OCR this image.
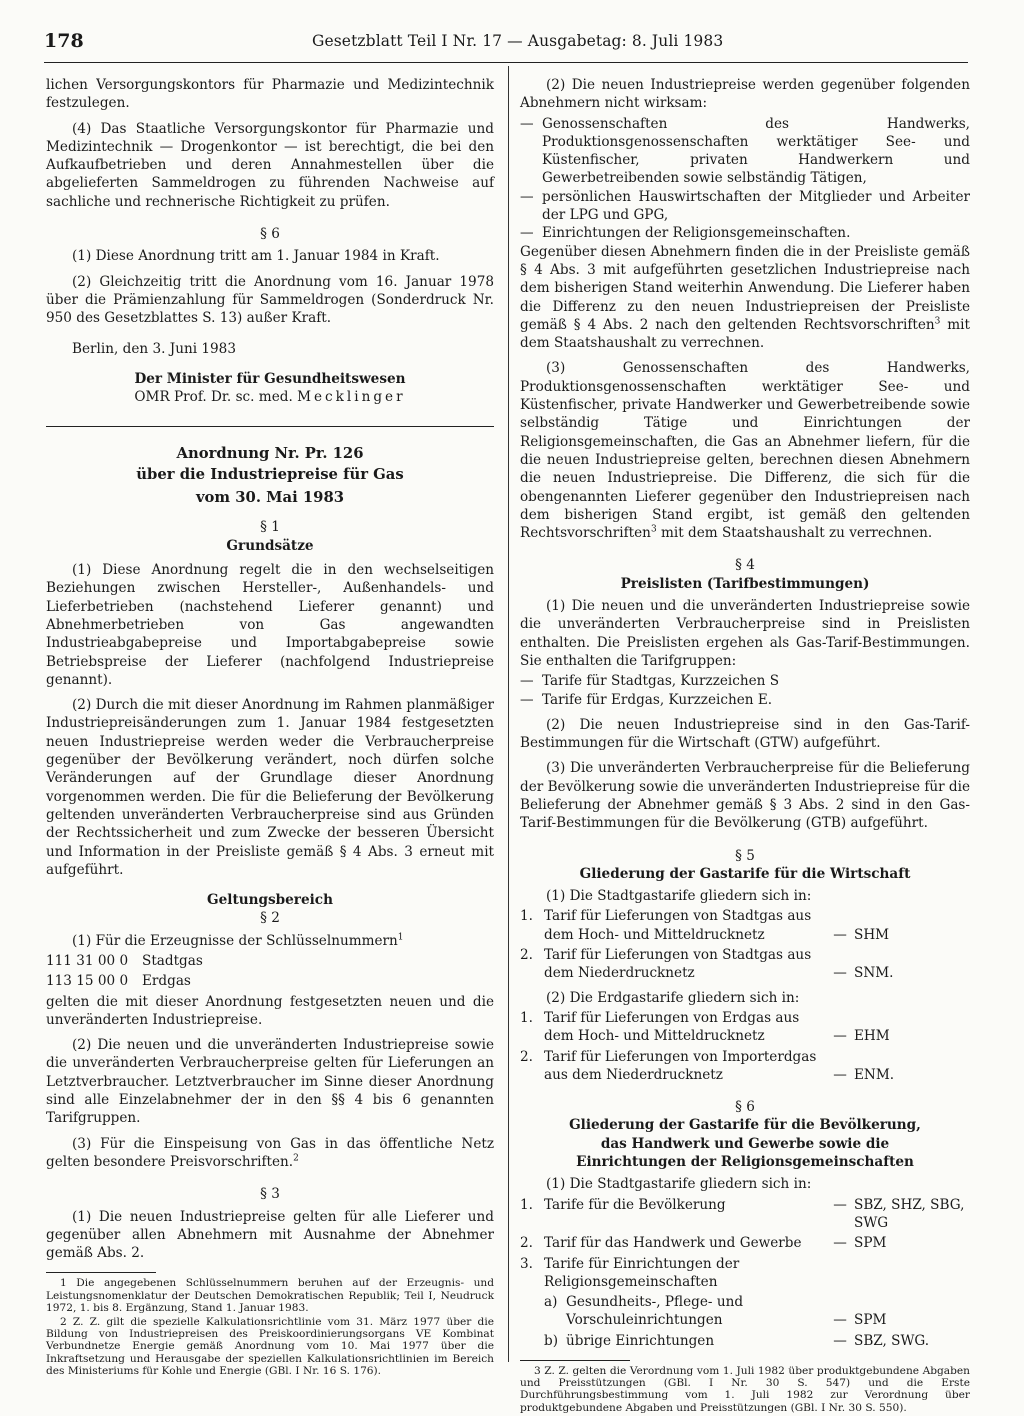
178	Gesetzblatt Teil I Nr. 17 — Ausgabetag: 8. Juli 1983

lichen Versorgungskontors für Pharmazie und Medizintechnik festzulegen.

(4) Das Staatliche Versorgungskontor für Pharmazie und Medizintechnik — Drogenkontor — ist berechtigt, die bei den Aufkaufbetrieben und deren Annahmestellen über die abgelieferten Sammeldrogen zu führenden Nachweise auf sachliche und rechnerische Richtigkeit zu prüfen.

§ 6

(1) Diese Anordnung tritt am 1. Januar 1984 in Kraft.

(2) Gleichzeitig tritt die Anordnung vom 16. Januar 1978 über die Prämienzahlung für Sammeldrogen (Sonderdruck Nr. 950 des Gesetzblattes S. 13) außer Kraft.

Berlin, den 3. Juni 1983

Der Minister für Gesundheitswesen
OMR Prof. Dr. sc. med. Mecklinger
Anordnung Nr. Pr. 126
über die Industriepreise für Gas
vom 30. Mai 1983
§ 1
Grundsätze

(1) Diese Anordnung regelt die in den wechselseitigen Beziehungen zwischen Hersteller-, Außenhandels- und Lieferbetrieben (nachstehend Lieferer genannt) und Abnehmerbetrieben von Gas angewandten Industrieabgabepreise und Importabgabepreise sowie Betriebspreise der Lieferer (nachfolgend Industriepreise genannt).

(2) Durch die mit dieser Anordnung im Rahmen planmäßiger Industriepreisänderungen zum 1. Januar 1984 festgesetzten neuen Industriepreise werden weder die Verbraucherpreise gegenüber der Bevölkerung verändert, noch dürfen solche Veränderungen auf der Grundlage dieser Anordnung vorgenommen werden. Die für die Belieferung der Bevölkerung geltenden unveränderten Verbraucherpreise sind aus Gründen der Rechtssicherheit und zum Zwecke der besseren Übersicht und Information in der Preisliste gemäß § 4 Abs. 3 erneut mit aufgeführt.

Geltungsbereich
§ 2

(1) Für die Erzeugnisse der Schlüsselnummern$^1$

111 31 00 0	Stadtgas
113 15 00 0	Erdgas

gelten die mit dieser Anordnung festgesetzten neuen und die unveränderten Industriepreise.

(2) Die neuen und die unveränderten Industriepreise sowie die unveränderten Verbraucherpreise gelten für Lieferungen an Letztverbraucher. Letztverbraucher im Sinne dieser Anordnung sind alle Einzelabnehmer der in den §§ 4 bis 6 genannten Tarifgruppen.

(3) Für die Einspeisung von Gas in das öffentliche Netz gelten besondere Preisvorschriften.$^2$

§ 3

(1) Die neuen Industriepreise gelten für alle Lieferer und gegenüber allen Abnehmern mit Ausnahme der Abnehmer gemäß Abs. 2.

1 Die angegebenen Schlüsselnummern beruhen auf der Erzeugnis- und Leistungsnomenklatur der Deutschen Demokratischen Republik; Teil I, Neudruck 1972, 1. bis 8. Ergänzung, Stand 1. Januar 1983.

2 Z. Z. gilt die spezielle Kalkulationsrichtlinie vom 31. März 1977 über die Bildung von Industriepreisen des Preiskoordinierungsorgans VE Kombinat Verbundnetze Energie gemäß Anordnung vom 10. Mai 1977 über die Inkraftsetzung und Herausgabe der speziellen Kalkulationsrichtlinien im Bereich des Ministeriums für Kohle und Energie (GBl. I Nr. 16 S. 176).

(2) Die neuen Industriepreise werden gegenüber folgenden Abnehmern nicht wirksam:

— Genossenschaften des Handwerks, Produktionsgenossenschaften werktätiger See- und Küstenfischer, privaten Handwerkern und Gewerbetreibenden sowie selbständig Tätigen,
— persönlichen Hauswirtschaften der Mitglieder und Arbeiter der LPG und GPG,
— Einrichtungen der Religionsgemeinschaften.

Gegenüber diesen Abnehmern finden die in der Preisliste gemäß § 4 Abs. 3 mit aufgeführten gesetzlichen Industriepreise nach dem bisherigen Stand weiterhin Anwendung. Die Lieferer haben die Differenz zu den neuen Industriepreisen der Preisliste gemäß § 4 Abs. 2 nach den geltenden Rechtsvorschriften$^3$ mit dem Staatshaushalt zu verrechnen.

(3) Genossenschaften des Handwerks, Produktionsgenossenschaften werktätiger See- und Küstenfischer, private Handwerker und Gewerbetreibende sowie selbständig Tätige und Einrichtungen der Religionsgemeinschaften, die Gas an Abnehmer liefern, für die die neuen Industriepreise gelten, berechnen diesen Abnehmern die neuen Industriepreise. Die Differenz, die sich für die obengenannten Lieferer gegenüber den Industriepreisen nach dem bisherigen Stand ergibt, ist gemäß den geltenden Rechtsvorschriften$^3$ mit dem Staatshaushalt zu verrechnen.

§ 4
Preislisten (Tarifbestimmungen)

(1) Die neuen und die unveränderten Industriepreise sowie die unveränderten Verbraucherpreise sind in Preislisten enthalten. Die Preislisten ergehen als Gas-Tarif-Bestimmungen. Sie enthalten die Tarifgruppen:

— Tarife für Stadtgas, Kurzzeichen S
— Tarife für Erdgas, Kurzzeichen E.

(2) Die neuen Industriepreise sind in den Gas-Tarif-Bestimmungen für die Wirtschaft (GTW) aufgeführt.

(3) Die unveränderten Verbraucherpreise für die Belieferung der Bevölkerung sowie die unveränderten Industriepreise für die Belieferung der Abnehmer gemäß § 3 Abs. 2 sind in den Gas-Tarif-Bestimmungen für die Bevölkerung (GTB) aufgeführt.

§ 5
Gliederung der Gastarife für die Wirtschaft

(1) Die Stadtgastarife gliedern sich in:

1. Tarif für Lieferungen von Stadtgas aus dem Hoch- und Mitteldrucknetz	— SHM
2. Tarif für Lieferungen von Stadtgas aus dem Niederdrucknetz	— SNM.

(2) Die Erdgastarife gliedern sich in:

1. Tarif für Lieferungen von Erdgas aus dem Hoch- und Mitteldrucknetz	— EHM
2. Tarif für Lieferungen von Importerdgas aus dem Niederdrucknetz	— ENM.
§ 6
Gliederung der Gastarife für die Bevölkerung,
das Handwerk und Gewerbe sowie die
Einrichtungen der Religionsgemeinschaften

(1) Die Stadtgastarife gliedern sich in:

1. Tarife für die Bevölkerung	— SBZ, SHZ, SBG, SWG
2. Tarif für das Handwerk und Gewerbe	— SPM
3. Tarife für Einrichtungen der Religionsgemeinschaften
a) Gesundheits-, Pflege- und Vorschuleinrichtungen	— SPM
b) übrige Einrichtungen	— SBZ, SWG.

3 Z. Z. gelten die Verordnung vom 1. Juli 1982 über produktgebundene Abgaben und Preisstützungen (GBl. I Nr. 30 S. 547) und die Erste Durchführungsbestimmung vom 1. Juli 1982 zur Verordnung über produktgebundene Abgaben und Preisstützungen (GBl. I Nr. 30 S. 550).
